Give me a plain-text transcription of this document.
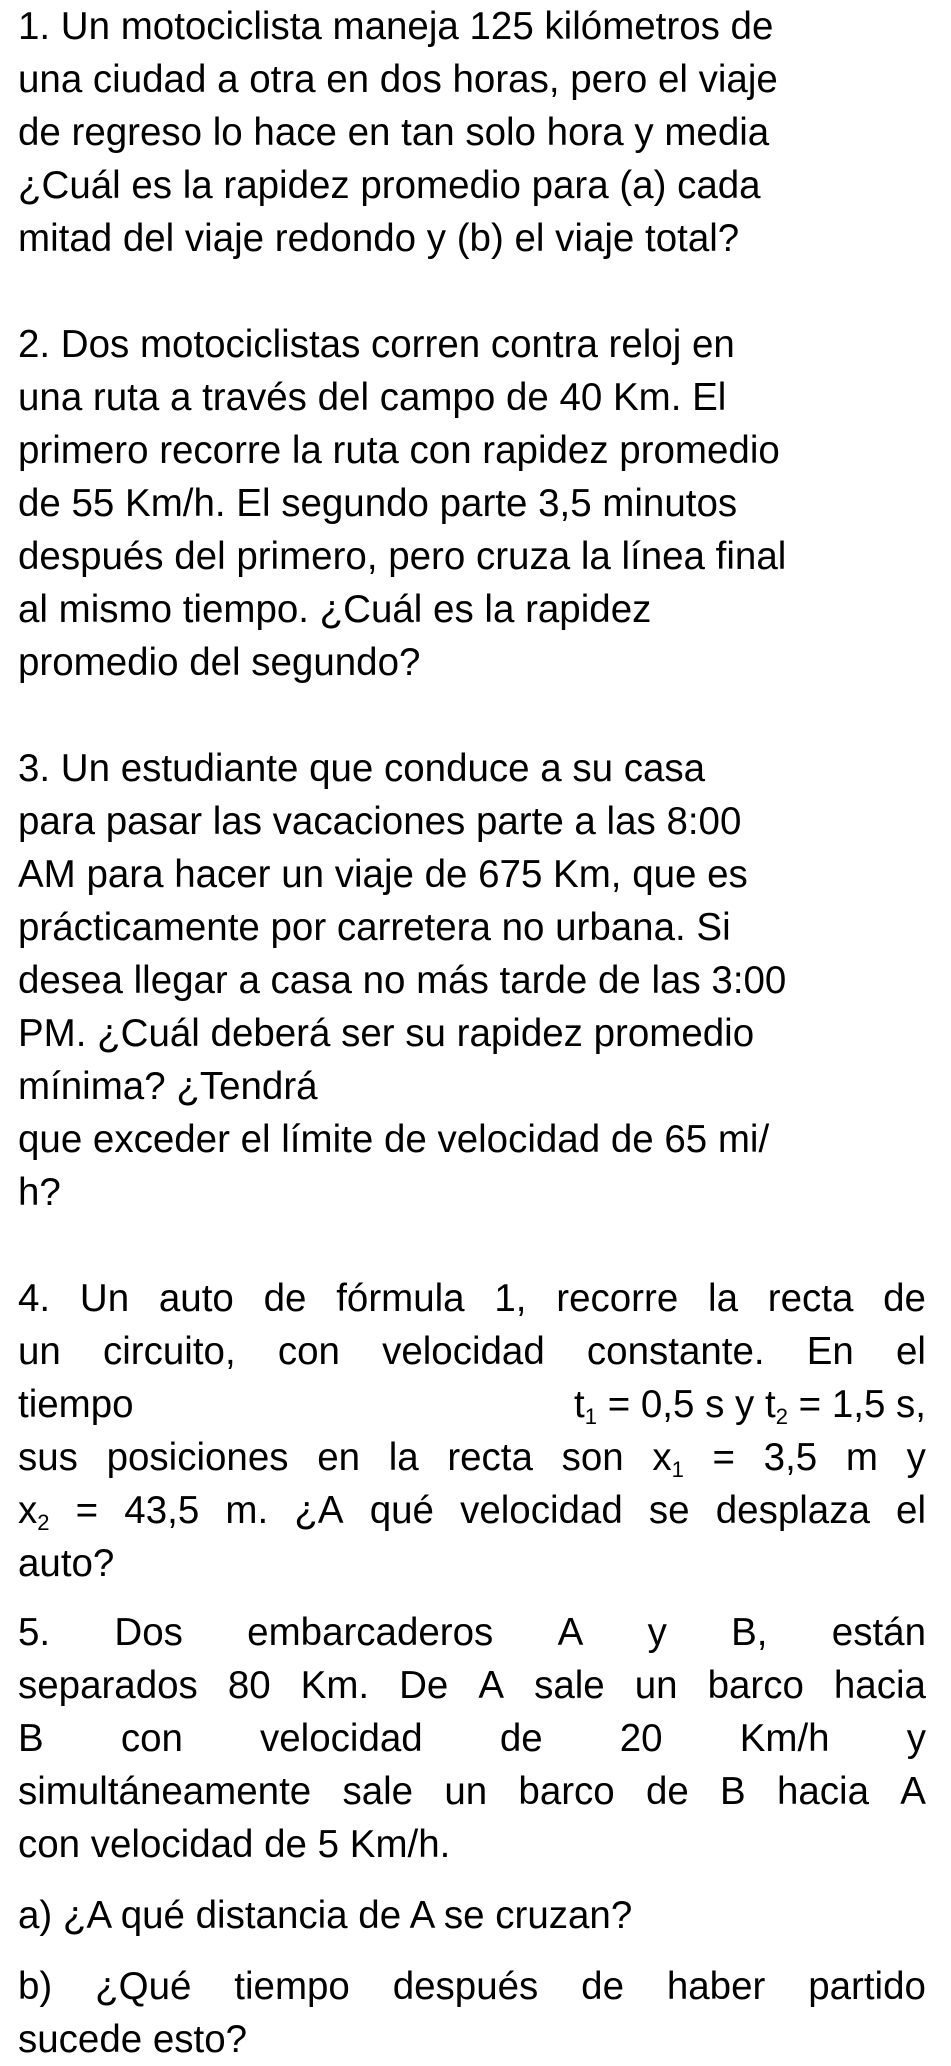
1. Un motociclista maneja 125 kilómetros de
una ciudad a otra en dos horas, pero el viaje
de regreso lo hace en tan solo hora y media
¿Cuál es la rapidez promedio para (a) cada
mitad del viaje redondo y (b) el viaje total?
2. Dos motociclistas corren contra reloj en
una ruta a través del campo de 40 Km. El
primero recorre la ruta con rapidez promedio
de 55 Km/h. El segundo parte 3,5 minutos
después del primero, pero cruza la línea final
al mismo tiempo. ¿Cuál es la rapidez
promedio del segundo?
3. Un estudiante que conduce a su casa
para pasar las vacaciones parte a las 8:00
AM para hacer un viaje de 675 Km, que es
prácticamente por carretera no urbana. Si
desea llegar a casa no más tarde de las 3:00
PM. ¿Cuál deberá ser su rapidez promedio
mínima? ¿Tendrá
que exceder el límite de velocidad de 65 mi/
h?
4. Un auto de fórmula 1, recorre la recta de
un circuito, con velocidad constante. En el
tiempo	$t_1 = 0,5$ s y $t_2 = 1,5$ s,
sus posiciones en la recta son $x_1 = 3,5$ m y
$x_2 = 43,5$ m. ¿A qué velocidad se desplaza el
auto?
5. Dos embarcaderos A y B, están
separados 80 Km. De A sale un barco hacia
B con velocidad de 20 Km/h y
simultáneamente sale un barco de B hacia A
con velocidad de 5 Km/h.
a) ¿A qué distancia de A se cruzan?
b) ¿Qué tiempo después de haber partido
sucede esto?
